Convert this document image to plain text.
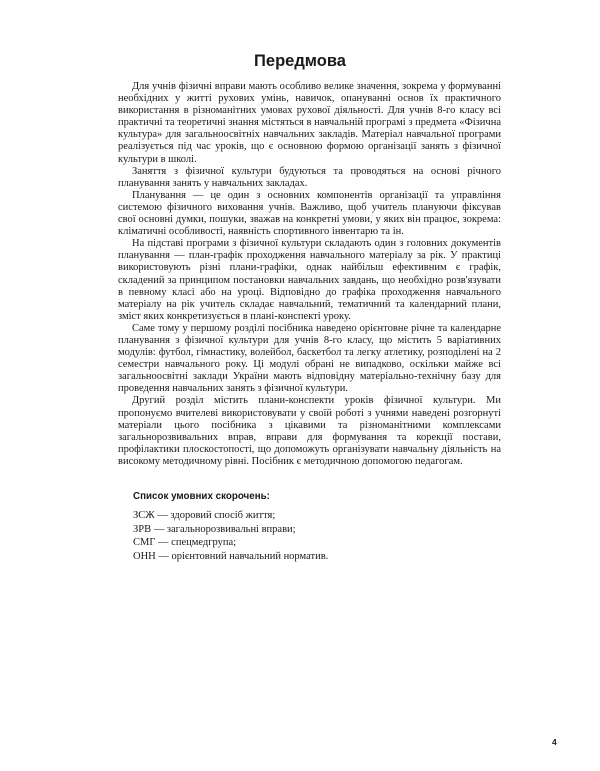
Передмова

Для учнів фізичні вправи мають особливо велике значення, зокрема у формуванні необхідних у житті рухових умінь, навичок, опануванні основ їх практичного використання в різноманітних умовах рухової діяльності. Для учнів 8-го класу всі практичні та теоретичні знання містяться в навчальній програмі з предмета «Фізична культура» для загальноосвітніх навчальних закладів. Матеріал навчальної програми реалізується під час уроків, що є основною формою організації занять з фізичної культури в школі.

Заняття з фізичної культури будуються та проводяться на основі річного планування занять у навчальних закладах.

Планування — це один з основних компонентів організації та управління системою фізичного виховання учнів. Важливо, щоб учитель плануючи фіксував свої основні думки, пошуки, зважав на конкретні умови, у яких він працює, зокрема: кліматичні особливості, наявність спортивного інвентарю та ін.

На підставі програми з фізичної культури складають один з головних документів планування — план-графік проходження навчального матеріалу за рік. У практиці використовують різні плани-графіки, однак найбільш ефективним є графік, складений за принципом постановки навчальних завдань, що необхідно розв'язувати в певному класі або на уроці. Відповідно до графіка проходження навчального матеріалу на рік учитель складає навчальний, тематичний та календарний плани, зміст яких конкретизується в плані-конспекті уроку.

Саме тому у першому розділі посібника наведено орієнтовне річне та календарне планування з фізичної культури для учнів 8-го класу, що містить 5 варіативних модулів: футбол, гімнастику, волейбол, баскетбол та легку атлетику, розподілені на 2 семестри навчального року. Ці модулі обрані не випадково, оскільки майже всі загальноосвітні заклади України мають відповідну матеріально-технічну базу для проведення навчальних занять з фізичної культури.

Другий розділ містить плани-конспекти уроків фізичної культури. Ми пропонуємо вчителеві використовувати у своїй роботі з учнями наведені розгорнуті матеріали цього посібника з цікавими та різноманітними комплексами загальнорозвивальних вправ, вправи для формування та корекції постави, профілактики плоскостопості, що допоможуть організувати навчальну діяльність на високому методичному рівні. Посібник є методичною допомогою педагогам.

Список умовних скорочень:
ЗСЖ — здоровий спосіб життя;
ЗРВ — загальнорозвивальні вправи;
СМГ — спецмедгрупа;
ОНН — орієнтовний навчальний норматив.
4
